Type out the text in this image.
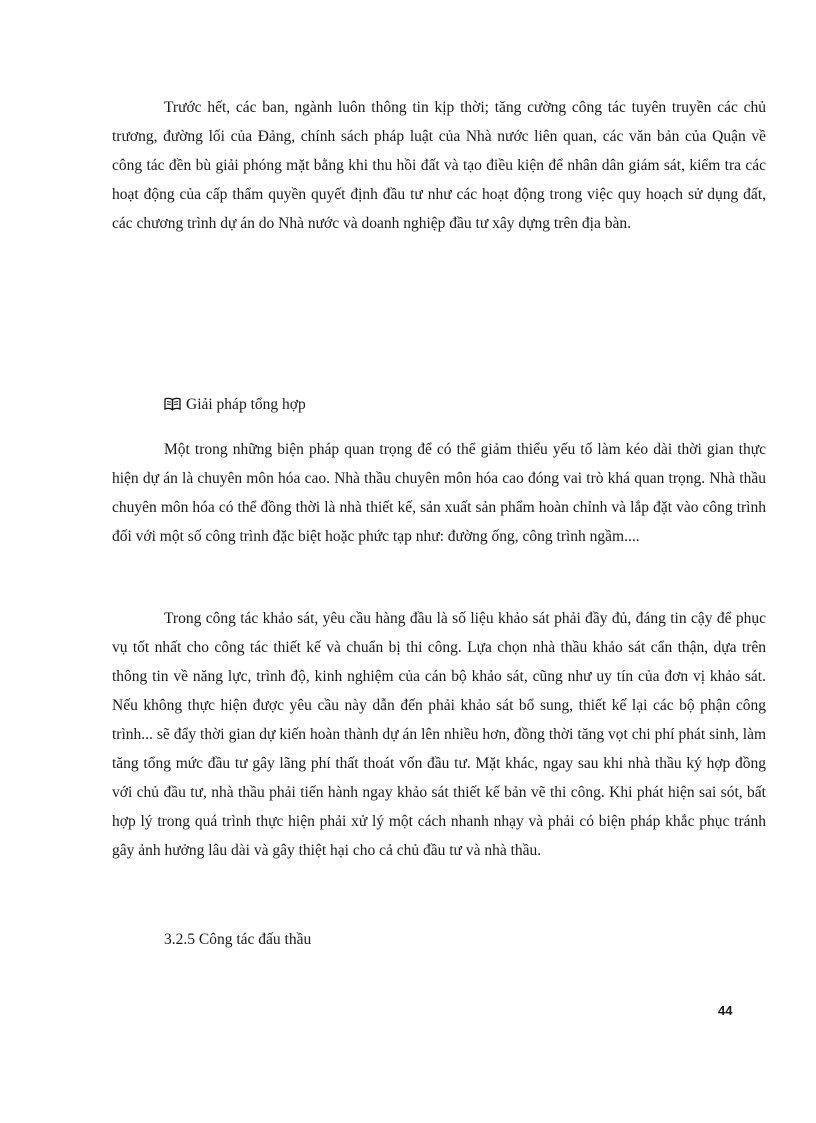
Trước hết, các ban, ngành luôn thông tin kịp thời; tăng cường công tác tuyên truyền các chủ trương, đường lối của Đảng, chính sách pháp luật của Nhà nước liên quan, các văn bản của Quận về công tác đền bù giải phóng mặt bằng khi thu hồi đất và tạo điều kiện để nhân dân giám sát, kiểm tra các hoạt động của cấp thẩm quyền quyết định đầu tư như các hoạt động trong việc quy hoạch sử dụng đất, các chương trình dự án do Nhà nước và doanh nghiệp đầu tư xây dựng trên địa bàn.

Giải pháp tổng hợp

Một trong những biện pháp quan trọng để có thể giảm thiểu yếu tố làm kéo dài thời gian thực hiện dự án là chuyên môn hóa cao. Nhà thầu chuyên môn hóa cao đóng vai trò khá quan trọng. Nhà thầu chuyên môn hóa có thể đồng thời là nhà thiết kế, sản xuất sản phẩm hoàn chỉnh và lắp đặt vào công trình đối với một số công trình đặc biệt hoặc phức tạp như: đường ống, công trình ngầm....

Trong công tác khảo sát, yêu cầu hàng đầu là số liệu khảo sát phải đầy đủ, đáng tin cậy để phục vụ tốt nhất cho công tác thiết kế và chuẩn bị thi công. Lựa chọn nhà thầu khảo sát cẩn thận, dựa trên thông tin về năng lực, trình độ, kinh nghiệm của cán bộ khảo sát, cũng như uy tín của đơn vị khảo sát. Nếu không thực hiện được yêu cầu này dẫn đến phải khảo sát bổ sung, thiết kế lại các bộ phận công trình... sẽ đẩy thời gian dự kiến hoàn thành dự án lên nhiều hơn, đồng thời tăng vọt chi phí phát sinh, làm tăng tổng mức đầu tư gây lãng phí thất thoát vốn đầu tư. Mặt khác, ngay sau khi nhà thầu ký hợp đồng với chủ đầu tư, nhà thầu phải tiến hành ngay khảo sát thiết kế bản vẽ thi công. Khi phát hiện sai sót, bất hợp lý trong quá trình thực hiện phải xử lý một cách nhanh nhạy và phải có biện pháp khắc phục tránh gây ảnh hưởng lâu dài và gây thiệt hại cho cả chủ đầu tư và nhà thầu.

3.2.5 Công tác đấu thầu
44
